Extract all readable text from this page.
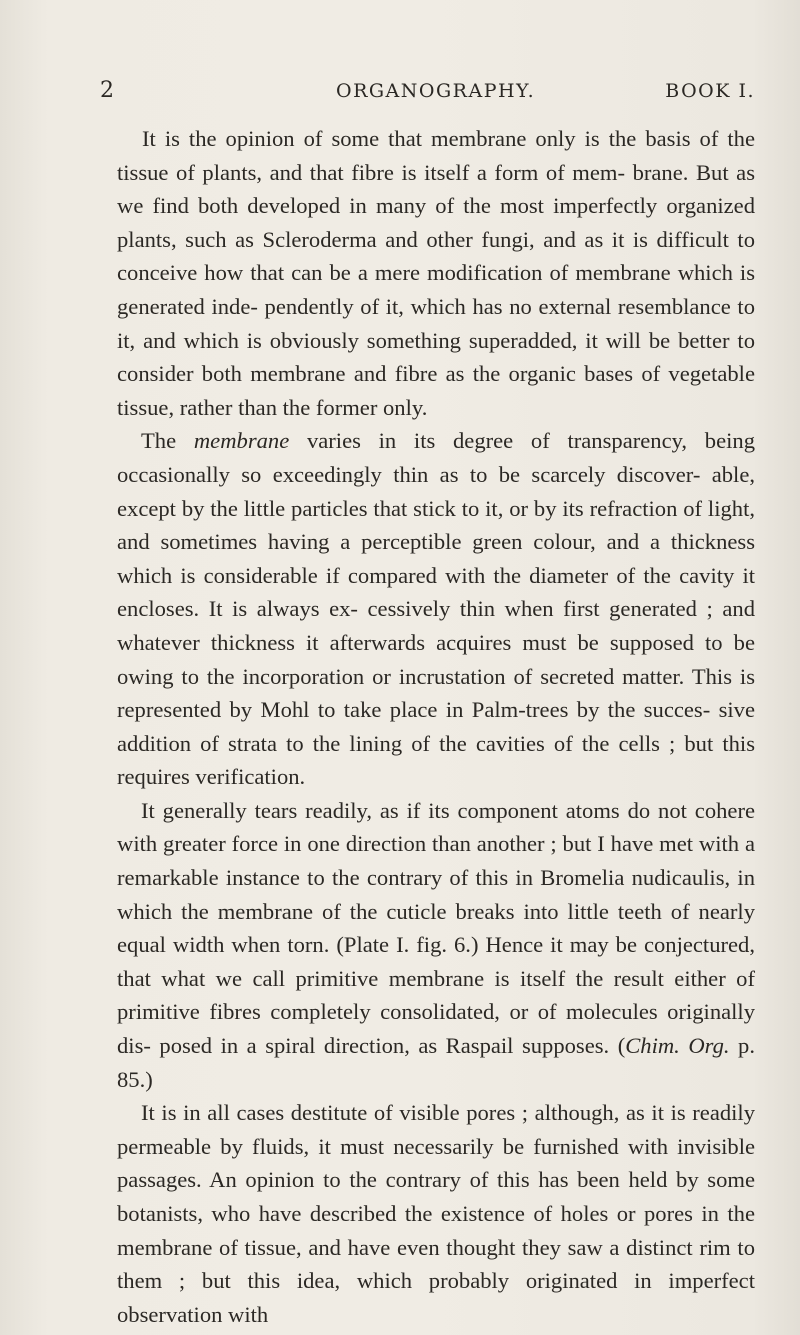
2	ORGANOGRAPHY.	BOOK I.

It is the opinion of some that membrane only is the basis of the tissue of plants, and that fibre is itself a form of mem- brane. But as we find both developed in many of the most imperfectly organized plants, such as Scleroderma and other fungi, and as it is difficult to conceive how that can be a mere modification of membrane which is generated inde- pendently of it, which has no external resemblance to it, and which is obviously something superadded, it will be better to consider both membrane and fibre as the organic bases of vegetable tissue, rather than the former only.

The membrane varies in its degree of transparency, being occasionally so exceedingly thin as to be scarcely discover- able, except by the little particles that stick to it, or by its refraction of light, and sometimes having a perceptible green colour, and a thickness which is considerable if compared with the diameter of the cavity it encloses. It is always ex- cessively thin when first generated ; and whatever thickness it afterwards acquires must be supposed to be owing to the incorporation or incrustation of secreted matter. This is represented by Mohl to take place in Palm-trees by the succes- sive addition of strata to the lining of the cavities of the cells ; but this requires verification.

It generally tears readily, as if its component atoms do not cohere with greater force in one direction than another ; but I have met with a remarkable instance to the contrary of this in Bromelia nudicaulis, in which the membrane of the cuticle breaks into little teeth of nearly equal width when torn. (Plate I. fig. 6.) Hence it may be conjectured, that what we call primitive membrane is itself the result either of primitive fibres completely consolidated, or of molecules originally dis- posed in a spiral direction, as Raspail supposes. (Chim. Org. p. 85.)

It is in all cases destitute of visible pores ; although, as it is readily permeable by fluids, it must necessarily be furnished with invisible passages. An opinion to the contrary of this has been held by some botanists, who have described the existence of holes or pores in the membrane of tissue, and have even thought they saw a distinct rim to them ; but this idea, which probably originated in imperfect observation with
